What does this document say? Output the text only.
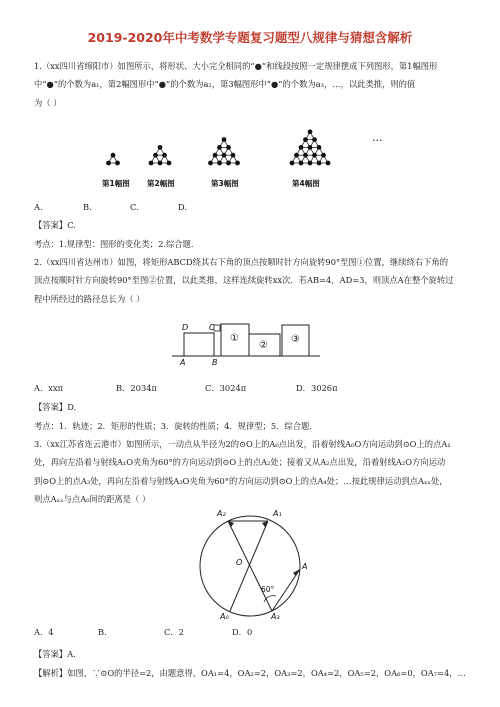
2019-2020年中考数学专题复习题型八规律与猜想含解析
1.（xx四川省绵阳市）如图所示，将形状、大小完全相同的“●”和线段按照一定规律摆成下列图形，第1幅图形
中“●”的个数为a₁，第2幅图形中“●”的个数为a₂，第3幅图形中“●”的个数为a₃，…，以此类推，则的值
为（ ）
第1幅图 第2幅图	第3幅图	第4幅图
···
A.	B.	C.	D.
【答案】C.
考点：1.规律型：图形的变化类；2.综合题.
2.（xx四川省达州市）如图，将矩形ABCD绕其右下角的顶点按顺时针方向旋转90°至图①位置，继续绕右下角的
顶点按顺时针方向旋转90°至图②位置，以此类推，这样连续旋转xx次．若AB=4，AD=3，则顶点A在整个旋转过
程中所经过的路径总长为（ ）
D	C
A	B
①
②
③
A．xxπ	B．2034π	C．3024π	D．3026π
【答案】D.
考点：1．轨迹；2．矩形的性质；3．旋转的性质；4．规律型；5．综合题．
3.（xx江苏省连云港市）如图所示，一动点从半径为2的⊙O上的A₀点出发，沿着射线A₀O方向运动到⊙O上的点A₁
处，再向左沿着与射线A₁O夹角为60°的方向运动到⊙O上的点A₂处；接着又从A₂点出发，沿着射线A₂O方向运动
到⊙O上的点A₃处，再向左沿着与射线A₃O夹角为60°的方向运动到⊙O上的点A₄处；…按此规律运动到点Aₓₓ处，
则点Aₓₓ与点A₀间的距离是（ ）
A₂	A₁
O	A
60°
A₀	A₃
A．4	B．	C．2	D．0
【答案】A.
【解析】如图，∵⊙O的半径=2，由题意得，OA₁=4，OA₂=2，OA₃=2，OA₄=2，OA₅=2，OA₆=0，OA₇=4，…
